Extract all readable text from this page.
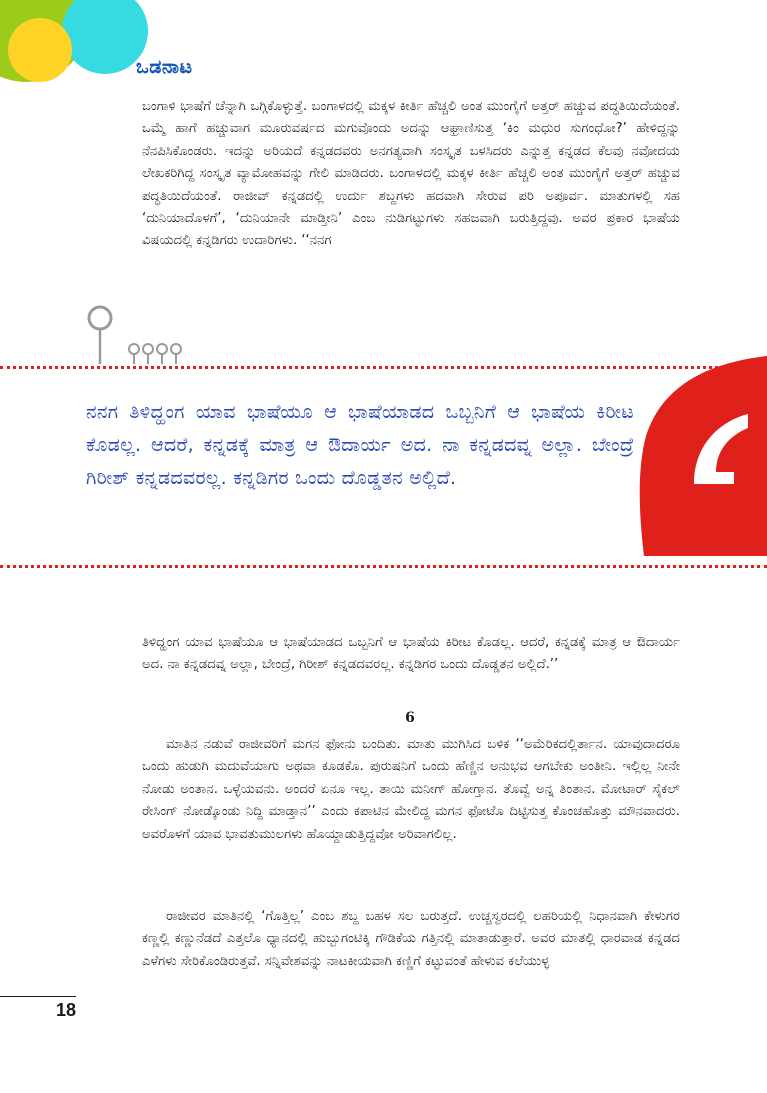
ಒಡನಾಟ
ಬಂಗಾಳಿ ಭಾಷೆಗೆ ಚೆನ್ನಾಗಿ ಒಗ್ಗಿಕೊಳ್ಳುತ್ತೆ. ಬಂಗಾಳದಲ್ಲಿ ಮಕ್ಕಳ ಕೀರ್ತಿ ಹೆಚ್ಚಲಿ ಅಂತ ಮುಂಗೈಗೆ ಅತ್ತರ್ ಹಚ್ಚುವ ಪದ್ಧತಿಯಿದೆಯಂತೆ. ಒಮ್ಮೆ ಹಾಗೆ ಹಚ್ಚುವಾಗ ಮೂರುವರ್ಷದ ಮಗುವೊಂದು ಅದನ್ನು ಆಘ್ರಾಣಿಸುತ್ತ ‘ಕಿಂ ಮಧುರ ಸುಗಂಧೋ?’ ಹೇಳಿದ್ದನ್ನು ನೆನಪಿಸಿಕೊಂಡರು. ಇದನ್ನು ಅರಿಯದೆ ಕನ್ನಡದವರು ಅನಗತ್ಯವಾಗಿ ಸಂಸ್ಕೃತ ಬಳಸಿದರು ಎನ್ನುತ್ತ ಕನ್ನಡದ ಕೆಲವು ನವೋದಯ ಲೇಖಕರಿಗಿದ್ದ ಸಂಸ್ಕೃತ ವ್ಯಾಮೋಹವನ್ನು ಗೇಲಿ ಮಾಡಿದರು. ಬಂಗಾಳದಲ್ಲಿ ಮಕ್ಕಳ ಕೀರ್ತಿ ಹೆಚ್ಚಲಿ ಅಂತ ಮುಂಗೈಗೆ ಅತ್ತರ್ ಹಚ್ಚುವ ಪದ್ಧತಿಯಿದೆಯಂತೆ. ರಾಜೀವ್ ಕನ್ನಡದಲ್ಲಿ ಉರ್ದು ಶಬ್ದಗಳು ಹದವಾಗಿ ಸೇರುವ ಪರಿ ಅಪೂರ್ವ. ಮಾತುಗಳಲ್ಲಿ ಸಹ ‘ದುನಿಯಾದೊಳಗೆ’, ‘ದುನಿಯಾನೇ ಮಾಡ್ತೀನಿ’ ಎಂಬ ನುಡಿಗಟ್ಟುಗಳು ಸಹಜವಾಗಿ ಬರುತ್ತಿದ್ದವು. ಅವರ ಪ್ರಕಾರ ಭಾಷೆಯ ವಿಷಯದಲ್ಲಿ ಕನ್ನಡಿಗರು ಉದಾರಿಗಳು. ‘‘ನನಗ
ನನಗ ತಿಳಿದ್ಹಂಗ ಯಾವ ಭಾಷೆಯೂ ಆ ಭಾಷೆಯಾಡದ ಒಬ್ಬನಿಗೆ ಆ ಭಾಷೆಯ ಕಿರೀಟ ಕೊಡಲ್ಲ. ಆದರೆ, ಕನ್ನಡಕ್ಕೆ ಮಾತ್ರ ಆ ಔದಾರ್ಯ ಅದ. ನಾ ಕನ್ನಡದವ್ನ ಅಲ್ಲಾ. ಬೇಂದ್ರೆ ಗಿರೀಶ್ ಕನ್ನಡದವರಲ್ಲ. ಕನ್ನಡಿಗರ ಒಂದು ದೊಡ್ಡತನ ಅಲ್ಲಿದೆ.
ತಿಳಿದ್ಹಂಗ ಯಾವ ಭಾಷೆಯೂ ಆ ಭಾಷೆಯಾಡದ ಒಬ್ಬನಿಗೆ ಆ ಭಾಷೆಯ ಕಿರೀಟ ಕೊಡಲ್ಲ. ಆದರೆ, ಕನ್ನಡಕ್ಕೆ ಮಾತ್ರ ಆ ಔದಾರ್ಯ ಅದ. ನಾ ಕನ್ನಡದವ್ನ ಅಲ್ಲಾ, ಬೇಂದ್ರೆ, ಗಿರೀಶ್ ಕನ್ನಡದವರಲ್ಲ. ಕನ್ನಡಿಗರ ಒಂದು ದೊಡ್ಡತನ ಅಲ್ಲಿದೆ.’’
6
ಮಾತಿನ ನಡುವೆ ರಾಜೀವರಿಗೆ ಮಗನ ಫೋನು ಬಂದಿತು. ಮಾತು ಮುಗಿಸಿದ ಬಳಿಕ ‘‘ಅಮೆರಿಕದಲ್ಲಿರ್ತಾನ. ಯಾವುದಾದರೂ ಒಂದು ಹುಡುಗಿ ಮದುವೆಯಾಗು ಅಥವಾ ಕೂಡಕೊ. ಪುರುಷನಿಗೆ ಒಂದು ಹೆಣ್ಣಿನ ಅನುಭವ ಆಗಬೇಕು ಅಂತೀನಿ. ಇಲ್ಲಿಲ್ಲ ನೀನೇ ನೋಡು ಅಂತಾನ. ಒಳ್ಳೆಯವನು. ಅಂದರೆ ಏನೂ ಇಲ್ಲ. ತಾಯಿ ಮನೀಗ್ ಹೋಗ್ತಾನ. ತೊವ್ವೆ ಅನ್ನ ತಿಂತಾನ. ಮೋಟಾರ್ ಸೈಕಲ್ ರೇಸಿಂಗ್ ನೋಡ್ಕೊಂಡು ನಿದ್ದಿ ಮಾಡ್ತಾನ’’ ಎಂದು ಕಪಾಟಿನ ಮೇಲಿದ್ದ ಮಗನ ಫೋಟೊ ದಿಟ್ಟಿಸುತ್ತ ಕೊಂಚಹೊತ್ತು ಮೌನವಾದರು. ಅವರೊಳಗೆ ಯಾವ ಭಾವತುಮುಲಗಳು ಹೊಯ್ದಾಡುತ್ತಿದ್ದವೋ ಅರಿವಾಗಲಿಲ್ಲ.
ರಾಜೀವರ ಮಾತಿನಲ್ಲಿ ‘ಗೊತ್ತಿಲ್ಲ’ ಎಂಬ ಶಬ್ದ ಬಹಳ ಸಲ ಬರುತ್ತದೆ. ಉಚ್ಚಸ್ವರದಲ್ಲಿ ಲಹರಿಯಲ್ಲಿ ನಿಧಾನವಾಗಿ ಕೇಳುಗರ ಕಣ್ಣಲ್ಲಿ ಕಣ್ಣುನೆಡದೆ ಎತ್ತಲೊ ಧ್ಯಾನದಲ್ಲಿ ಹುಬ್ಬುಗಂಟಿಕ್ಕಿ ಗೌಡಿಕೆಯ ಗತ್ತಿನಲ್ಲಿ ಮಾತಾಡುತ್ತಾರೆ. ಅವರ ಮಾತಲ್ಲಿ ಧಾರವಾಡ ಕನ್ನಡದ ಎಳೆಗಳು ಸೇರಿಕೊಂಡಿರುತ್ತವೆ. ಸನ್ನಿವೇಶವನ್ನು ನಾಟಕೀಯವಾಗಿ ಕಣ್ಣಿಗೆ ಕಟ್ಟುವಂತೆ ಹೇಳುವ ಕಲೆಯುಳ್ಳ
18
